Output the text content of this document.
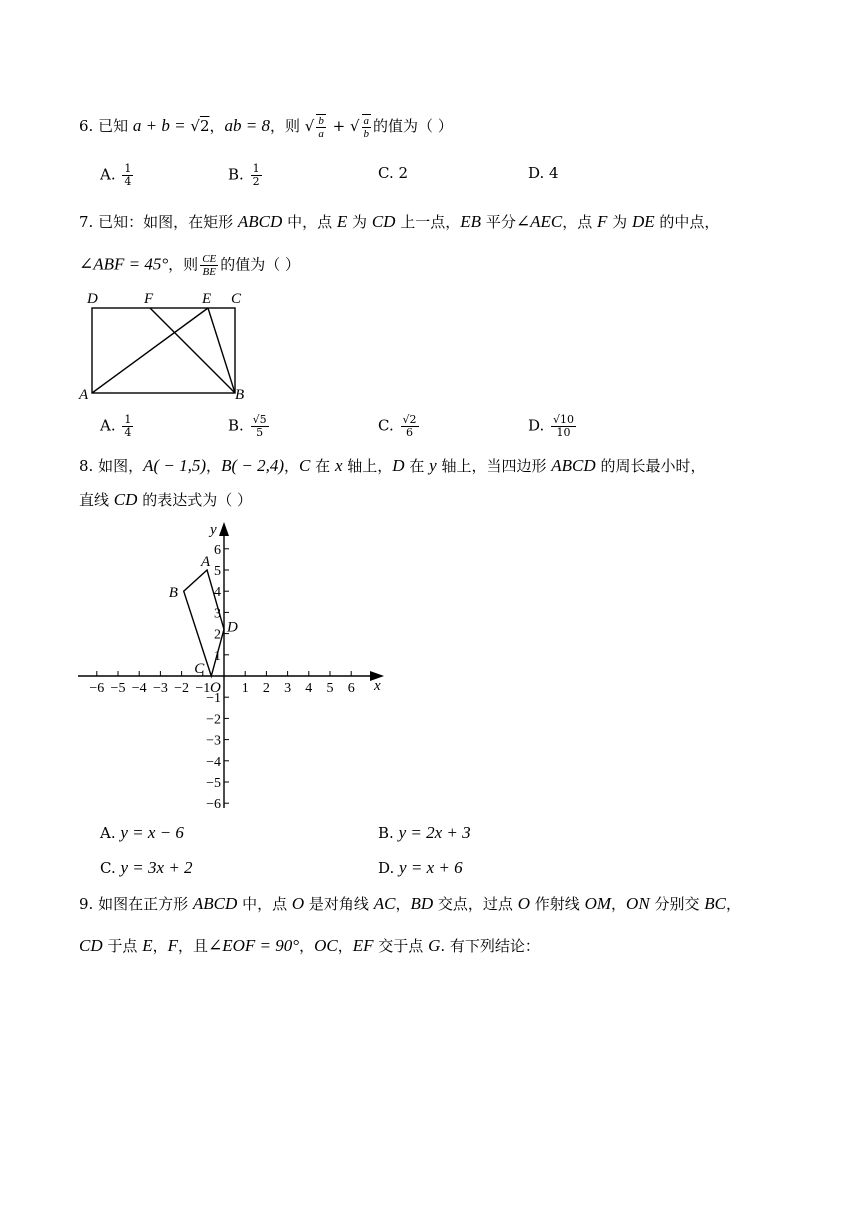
6. 已知 a + b = √2，ab = 8，则 √ $\frac{b}{a}$ + √ $\frac{a}{b}$ 的值为（ ）
A. $\frac{1}{4}$	B. $\frac{1}{2}$	C. 2	D. 4
7. 已知：如图，在矩形 ABCD 中，点 E 为 CD 上一点，EB 平分∠AEC，点 F 为 DE 的中点，
∠ABF = 45°，则 $\frac{CE}{BE}$ 的值为（ ）
D	F	E C
A	B
A. $\frac{1}{4}$	B. $\frac{√5}{5}$	C. $\frac{√2}{6}$	D. $\frac{√10}{10}$
8. 如图，A( − 1,5)，B( − 2,4)，C 在 x 轴上，D 在 y 轴上，当四边形 ABCD 的周长最小时，
直线 CD 的表达式为（ ）
−6 −5 −4 −3 −2 −1 1 2 3 4 5 6
6
5
4
3
2
1
−1
−2
−3
−4
−5
−6
x
y
O
A
B
C
D
A. y = x − 6	B. y = 2x + 3
C. y = 3x + 2	D. y = x + 6
9. 如图在正方形 ABCD 中，点 O 是对角线 AC，BD 交点，过点 O 作射线 OM，ON 分别交 BC，
CD 于点 E，F，且∠EOF = 90°，OC，EF 交于点 G. 有下列结论：
